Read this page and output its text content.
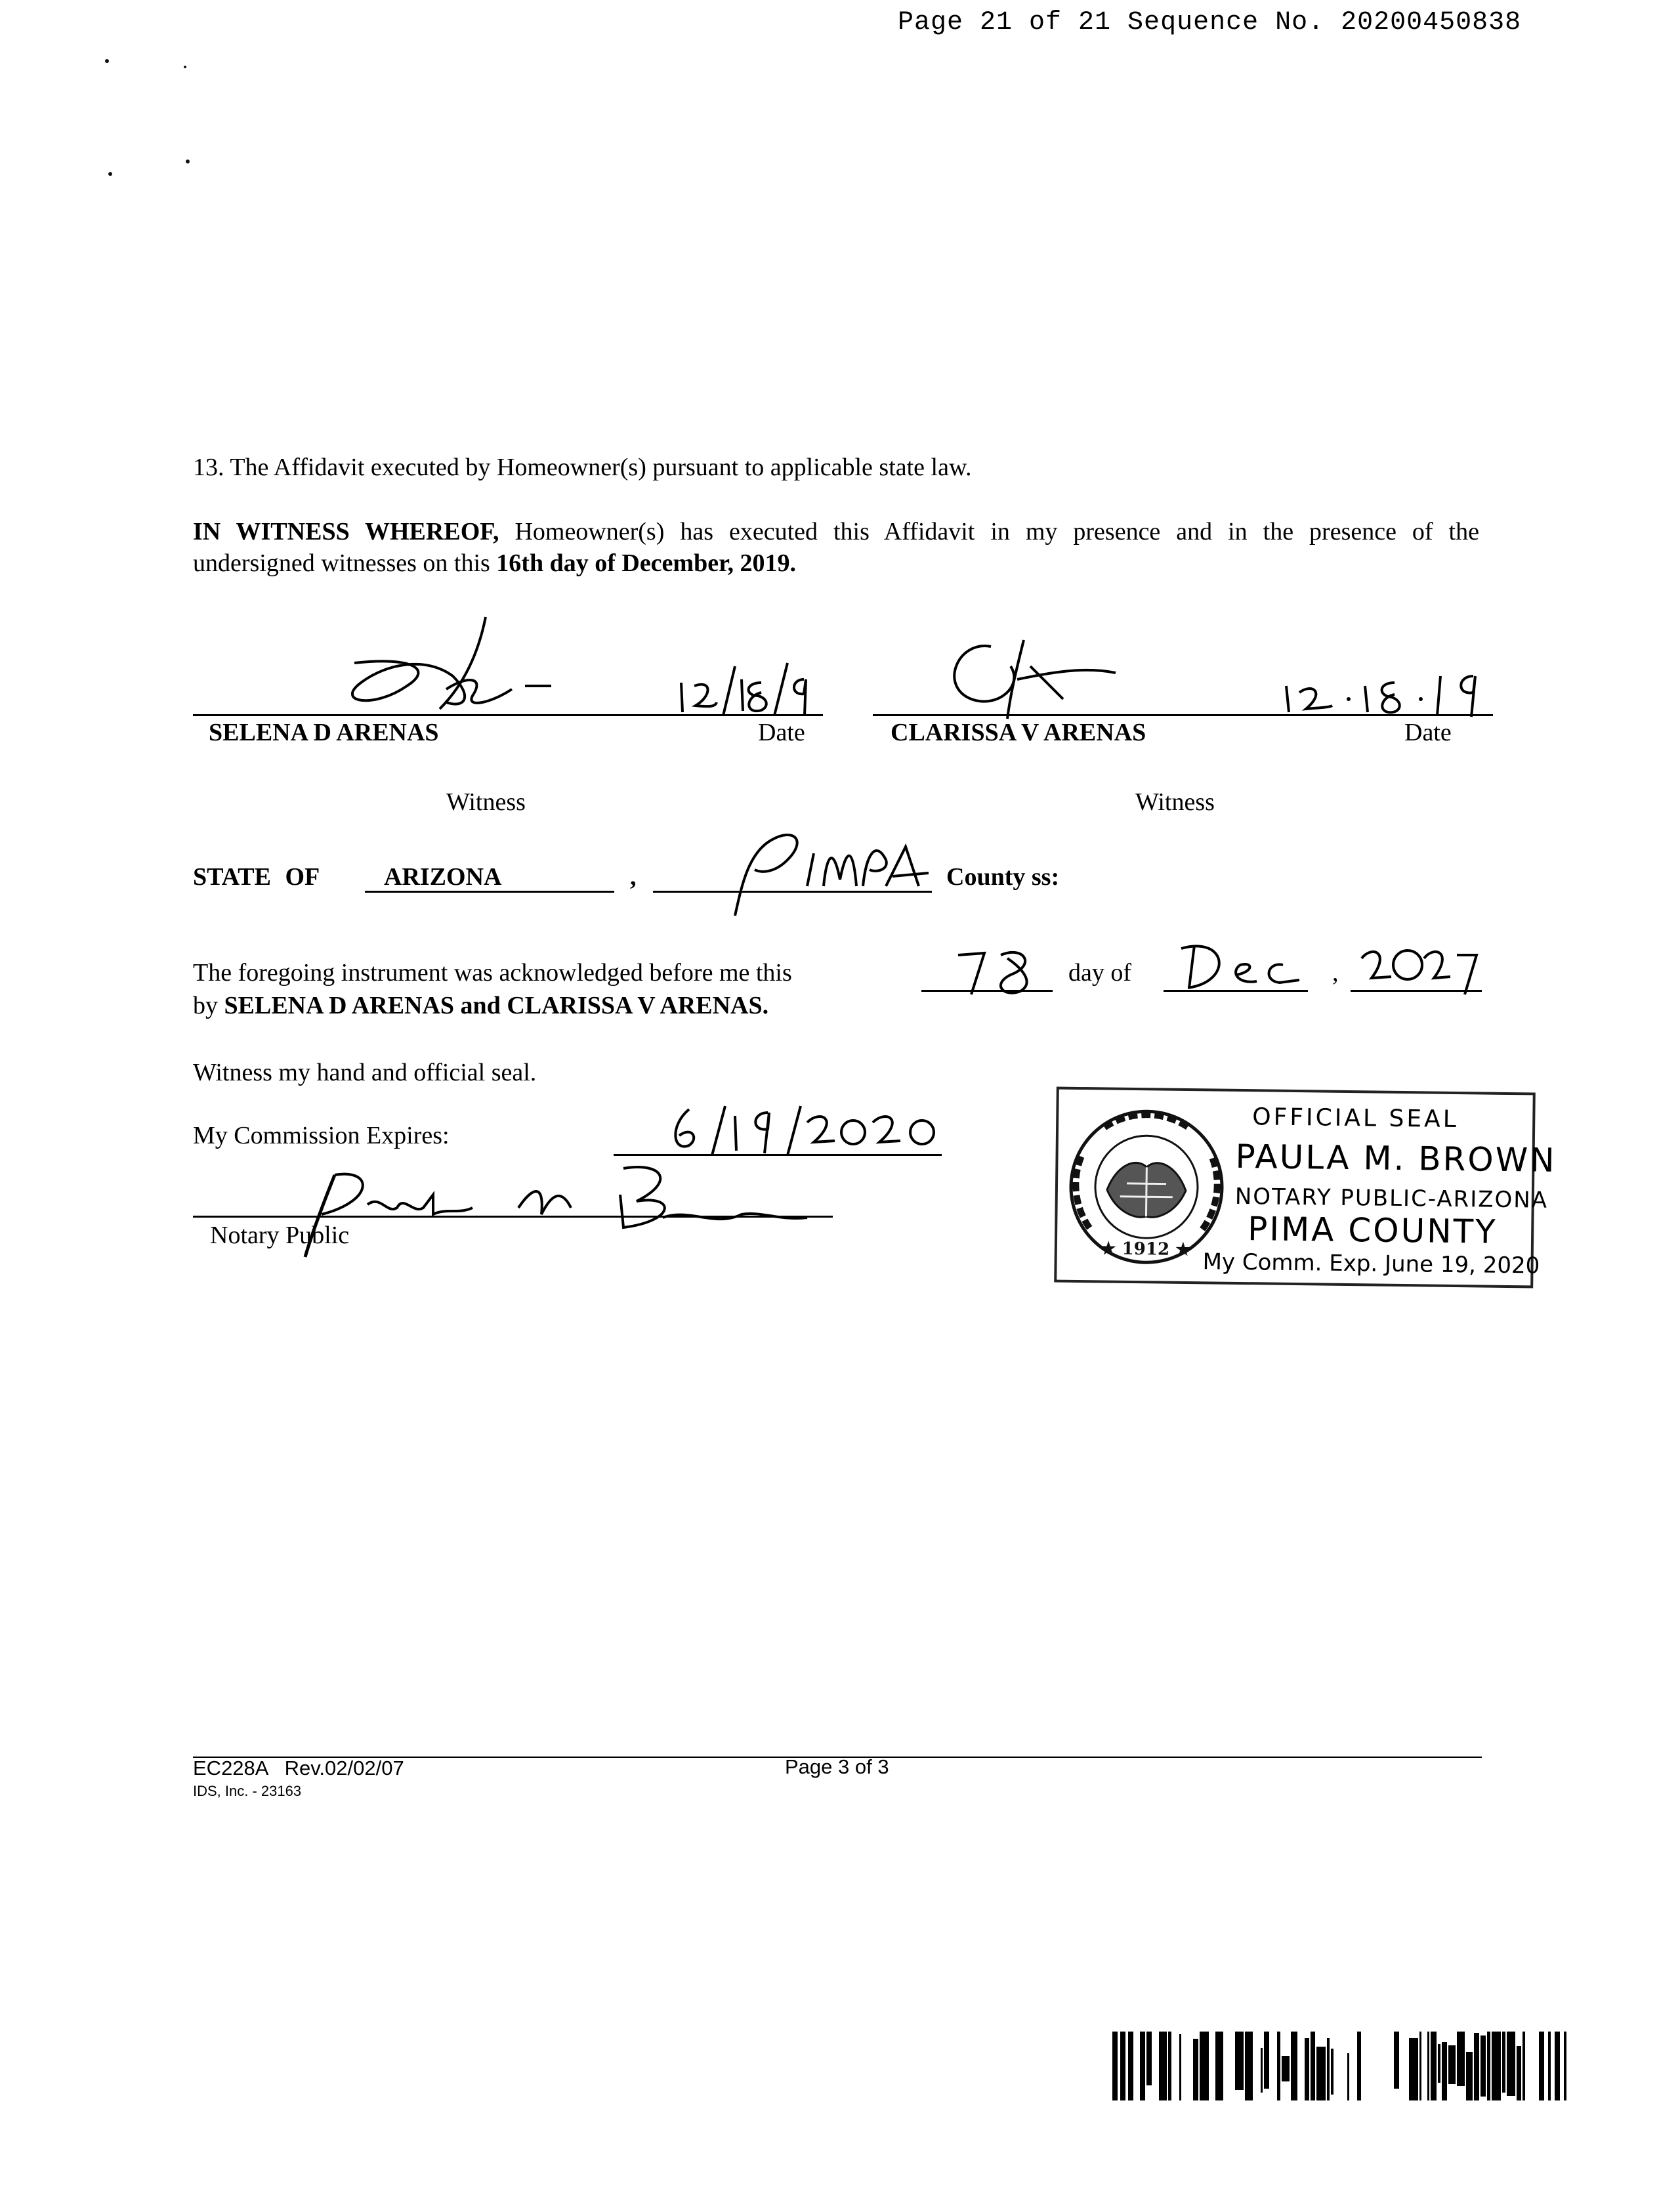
Page 21 of 21 Sequence No. 20200450838
13. The Affidavit executed by Homeowner(s) pursuant to applicable state law.
IN WITNESS WHEREOF, Homeowner(s) has executed this Affidavit in my presence and in the presence of the
undersigned witnesses on this 16th day of December, 2019.
SELENA D ARENAS	Date
Witness
CLARISSA V ARENAS	Date
Witness
STATE OF	ARIZONA	,	County ss:
The foregoing instrument was acknowledged before me this	day of	,
by SELENA D ARENAS and CLARISSA V ARENAS.
Witness my hand and official seal.
My Commission Expires:
Notary Public
★ 1912 ★
OFFICIAL SEAL
PAULA M. BROWN
NOTARY PUBLIC-ARIZONA
PIMA COUNTY
My Comm. Exp. June 19, 2020
EC228A   Rev.02/02/07
IDS, Inc. - 23163
Page 3 of 3
